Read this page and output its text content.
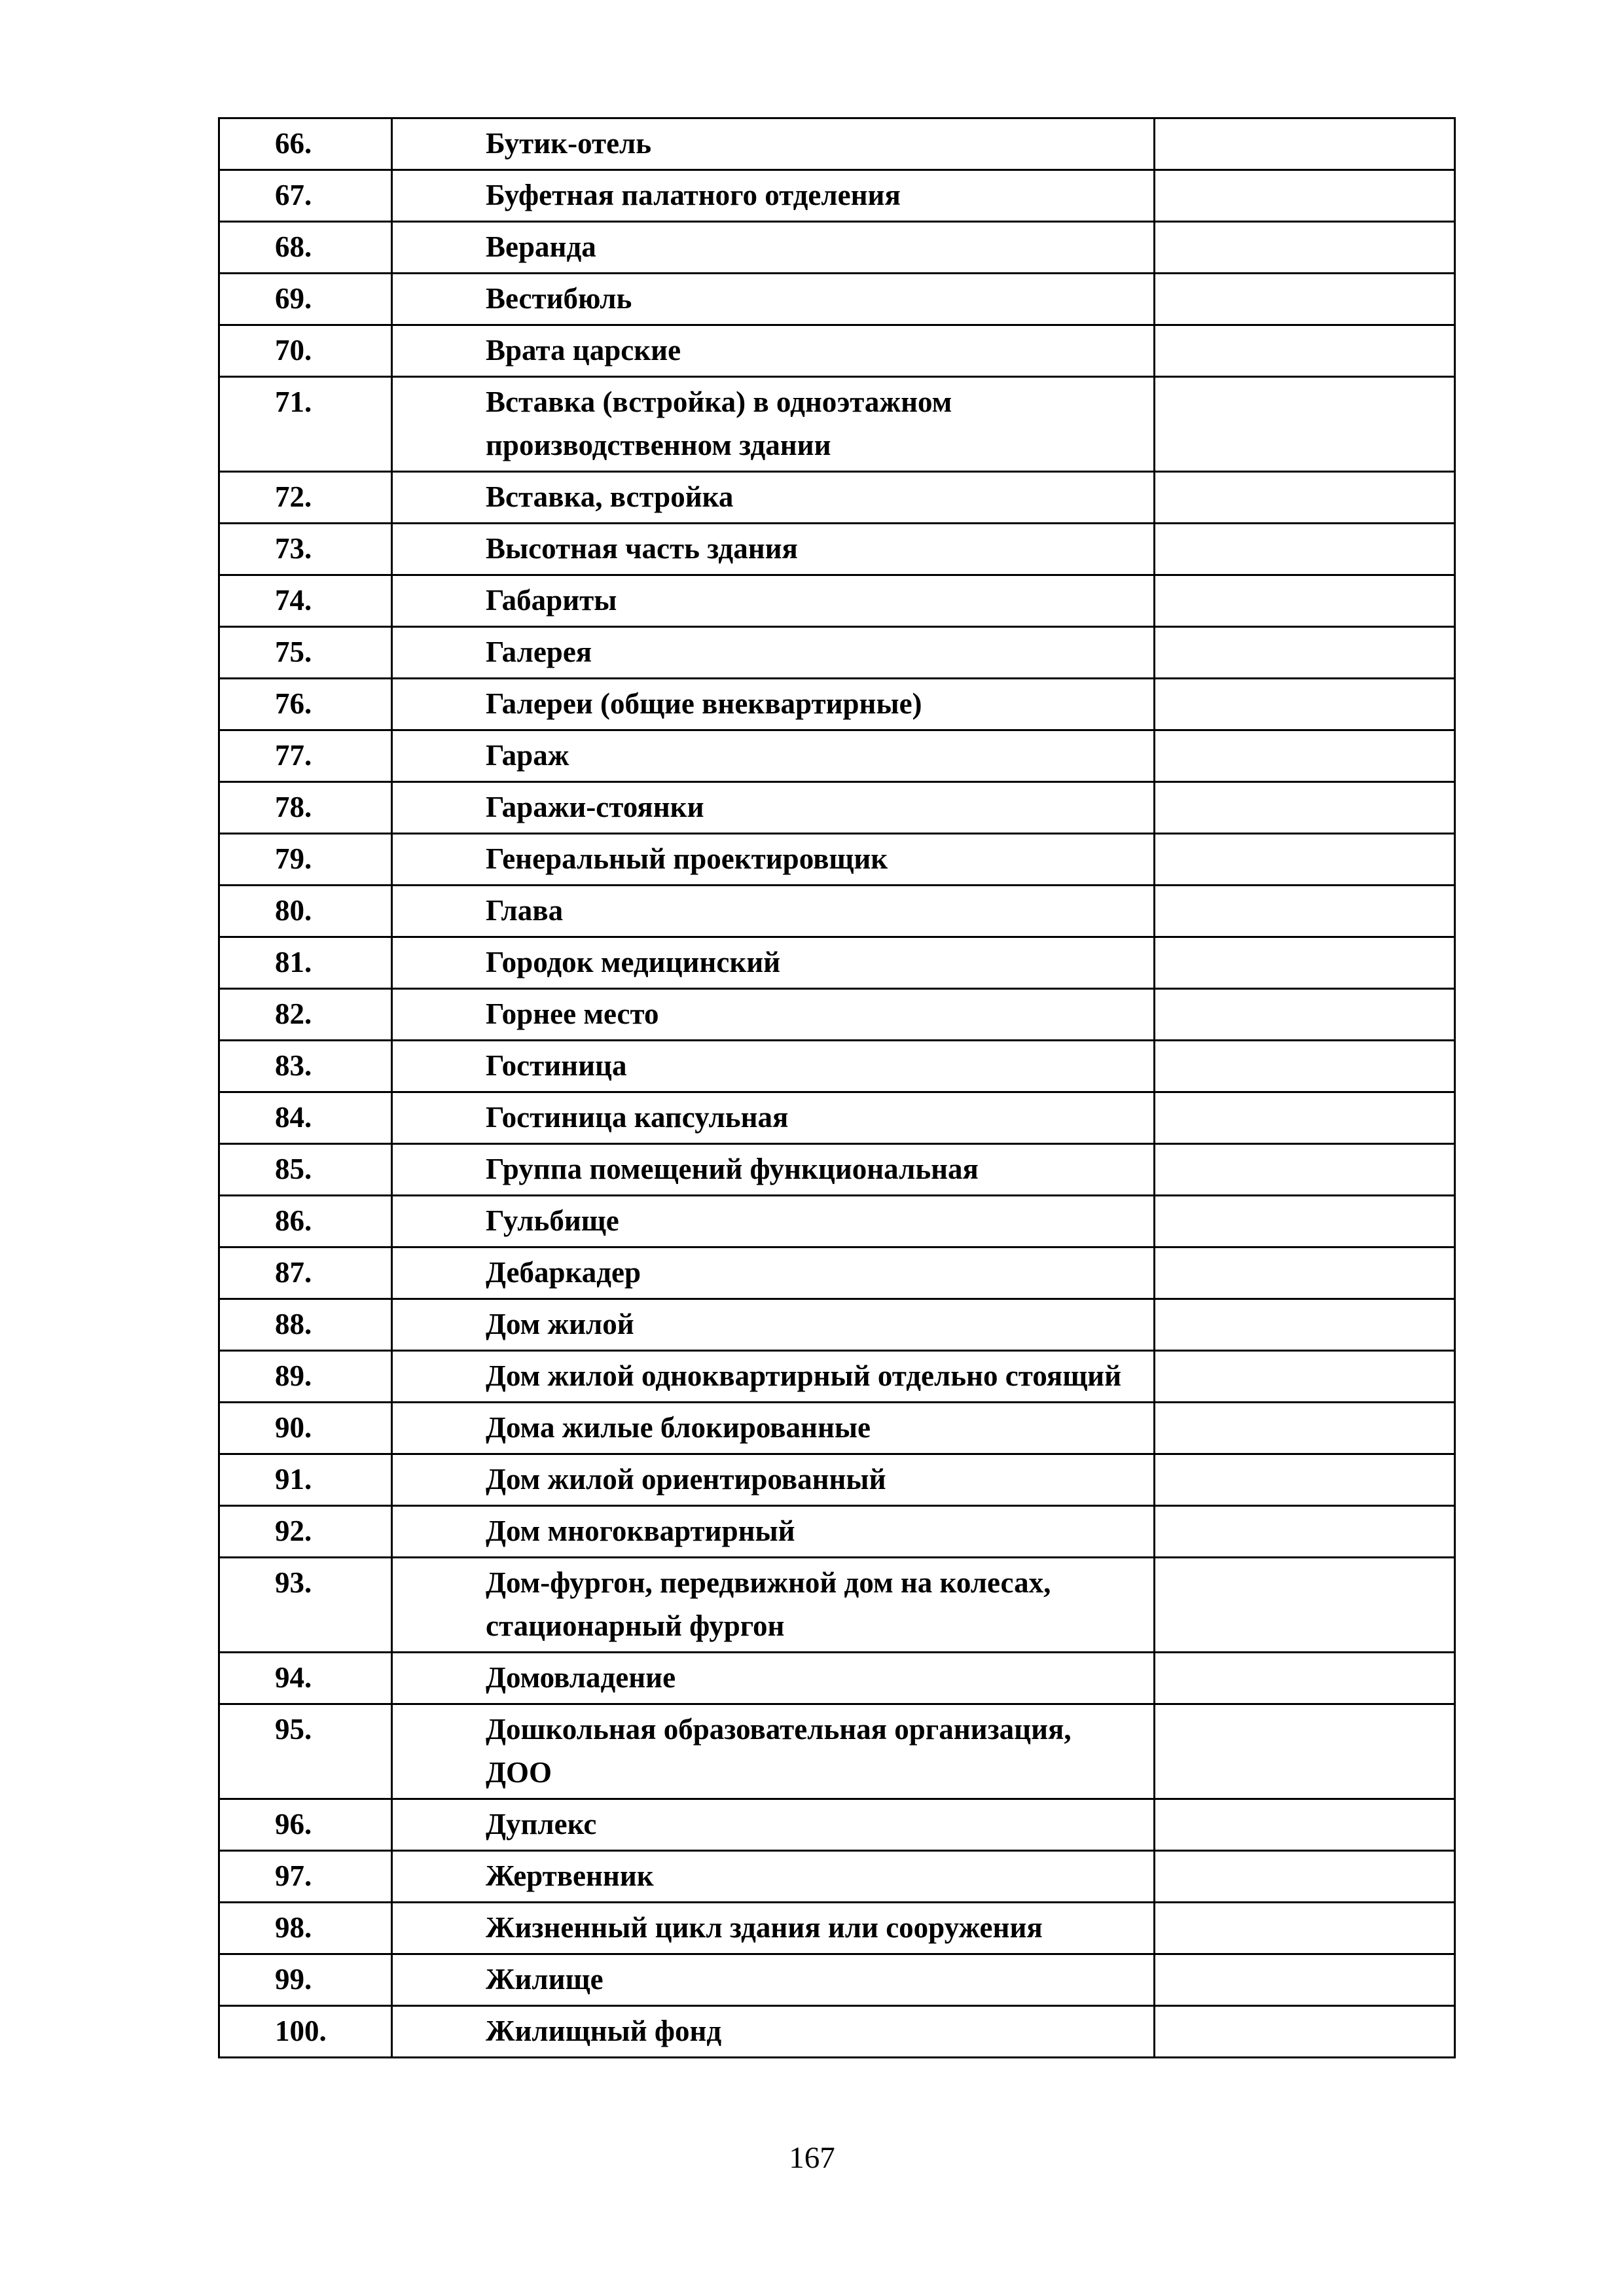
66.	Бутик-отель	
67.	Буфетная палатного отделения	
68.	Веранда	
69.	Вестибюль	
70.	Врата царские	
71.	Вставка (встройка) в одноэтажном производственном здании	
72.	Вставка, встройка	
73.	Высотная часть здания	
74.	Габариты	
75.	Галерея	
76.	Галереи (общие внеквартирные)	
77.	Гараж	
78.	Гаражи-стоянки	
79.	Генеральный проектировщик	
80.	Глава	
81.	Городок медицинский	
82.	Горнее место	
83.	Гостиница	
84.	Гостиница капсульная	
85.	Группа помещений функциональная	
86.	Гульбище	
87.	Дебаркадер	
88.	Дом жилой	
89.	Дом жилой одноквартирный отдельно стоящий	
90.	Дома жилые блокированные	
91.	Дом жилой ориентированный	
92.	Дом многоквартирный	
93.	Дом-фургон, передвижной дом на колесах, стационарный фургон	
94.	Домовладение	
95.	Дошкольная образовательная организация, ДОО	
96.	Дуплекс	
97.	Жертвенник	
98.	Жизненный цикл здания или сооружения	
99.	Жилище	
100.	Жилищный фонд	
167
